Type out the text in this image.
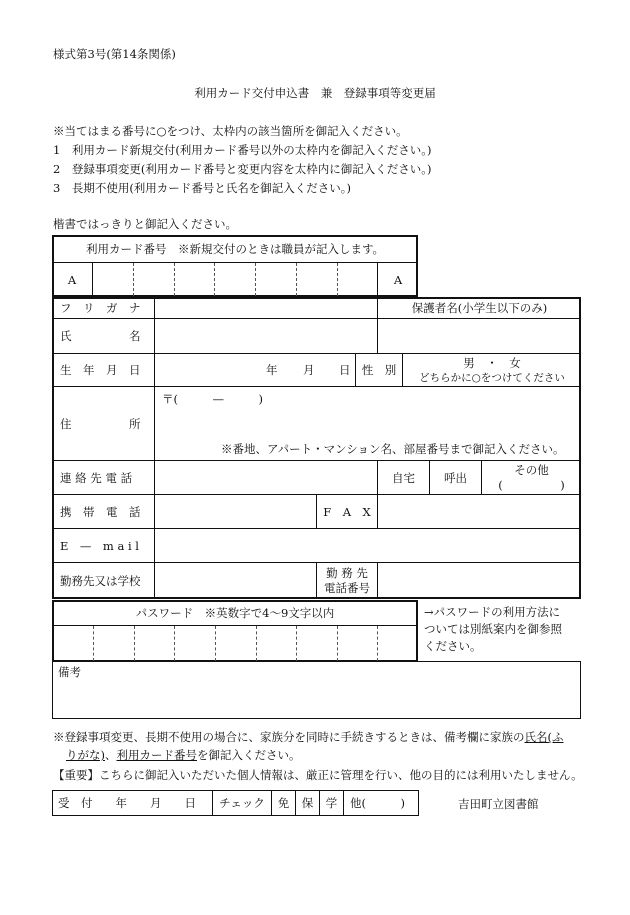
様式第3号(第14条関係)
利用カード交付申込書　兼　登録事項等変更届
※当てはまる番号に○をつけ、太枠内の該当箇所を御記入ください。
1　利用カード新規交付(利用カード番号以外の太枠内を御記入ください。)
2　登録事項変更(利用カード番号と変更内容を太枠内に御記入ください。)
3　長期不使用(利用カード番号と氏名を御記入ください。)
楷書ではっきりと御記入ください。
利用カード番号　※新規交付のときは職員が記入します。
A	A
フ　リ　ガ　ナ	保護者名(小学生以下のみ)
氏　　　　　名
生　年　月　日	年 月 日 性　別	男　・　女
どちらかに○をつけてください
住　　　　　所
〒(　　　—　　　)
※番地、アパート・マンション名、部屋番号まで御記入ください。
連 絡 先 電 話	自宅	呼出
その他
(　　　　　)
携　帯　電　話	F　A　X
E　—　m a i l
勤務先又は学校
勤 務 先
電話番号
パスワード　※英数字で4〜9文字以内	→パスワードの利用方法に
ついては別紙案内を御参照
ください。
備考
※登録事項変更、長期不使用の場合に、家族分を同時に手続きするときは、備考欄に家族の氏名(ふ
りがな)、利用カード番号を御記入ください。
【重要】こちらに御記入いただいた個人情報は、厳正に管理を行い、他の目的には利用いたしません。
受　付　　年　　月　　日	チェック	免	保	学	他(　　　)	吉田町立図書館
